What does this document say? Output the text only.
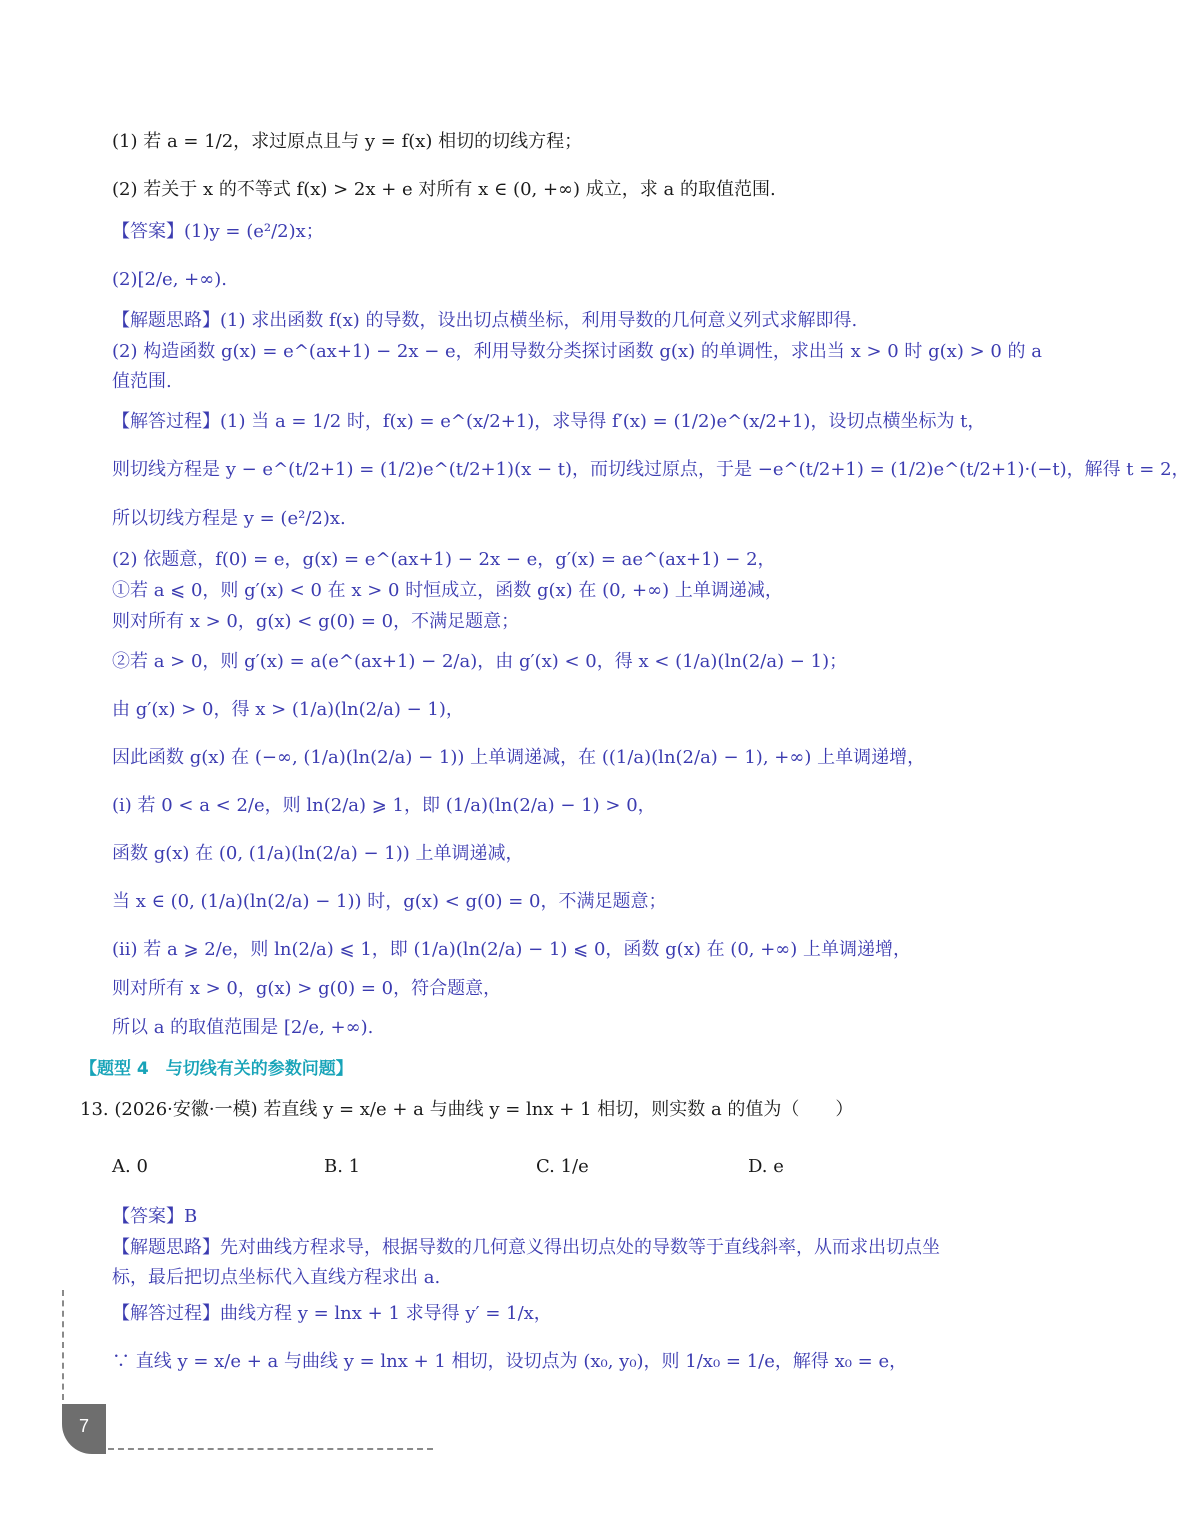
(1) 若 a = 1/2，求过原点且与 y = f(x) 相切的切线方程；
(2) 若关于 x 的不等式 f(x) > 2x + e 对所有 x ∈ (0, +∞) 成立，求 a 的取值范围.
【答案】(1)y = (e²/2)x；
(2)[2/e, +∞).
【解题思路】(1) 求出函数 f(x) 的导数，设出切点横坐标，利用导数的几何意义列式求解即得.
(2) 构造函数 g(x) = e^(ax+1) − 2x − e，利用导数分类探讨函数 g(x) 的单调性，求出当 x > 0 时 g(x) > 0 的 a
值范围.
【解答过程】(1) 当 a = 1/2 时，f(x) = e^(x/2+1)，求导得 f′(x) = (1/2)e^(x/2+1)，设切点横坐标为 t，
则切线方程是 y − e^(t/2+1) = (1/2)e^(t/2+1)(x − t)，而切线过原点，于是 −e^(t/2+1) = (1/2)e^(t/2+1)·(−t)，解得 t = 2，
所以切线方程是 y = (e²/2)x.
(2) 依题意，f(0) = e，g(x) = e^(ax+1) − 2x − e，g′(x) = ae^(ax+1) − 2，
①若 a ⩽ 0，则 g′(x) < 0 在 x > 0 时恒成立，函数 g(x) 在 (0, +∞) 上单调递减，
则对所有 x > 0，g(x) < g(0) = 0，不满足题意；
②若 a > 0，则 g′(x) = a(e^(ax+1) − 2/a)，由 g′(x) < 0，得 x < (1/a)(ln(2/a) − 1)；
由 g′(x) > 0，得 x > (1/a)(ln(2/a) − 1)，
因此函数 g(x) 在 (−∞, (1/a)(ln(2/a) − 1)) 上单调递减，在 ((1/a)(ln(2/a) − 1), +∞) 上单调递增，
(ⅰ) 若 0 < a < 2/e，则 ln(2/a) ⩾ 1，即 (1/a)(ln(2/a) − 1) > 0，
函数 g(x) 在 (0, (1/a)(ln(2/a) − 1)) 上单调递减，
当 x ∈ (0, (1/a)(ln(2/a) − 1)) 时，g(x) < g(0) = 0，不满足题意；
(ⅱ) 若 a ⩾ 2/e，则 ln(2/a) ⩽ 1，即 (1/a)(ln(2/a) − 1) ⩽ 0，函数 g(x) 在 (0, +∞) 上单调递增，
则对所有 x > 0，g(x) > g(0) = 0，符合题意，
所以 a 的取值范围是 [2/e, +∞).
【题型 4　与切线有关的参数问题】
13. (2026·安徽·一模) 若直线 y = x/e + a 与曲线 y = lnx + 1 相切，则实数 a 的值为（　　）
A. 0	B. 1	C. 1/e	D. e
【答案】B
【解题思路】先对曲线方程求导，根据导数的几何意义得出切点处的导数等于直线斜率，从而求出切点坐
标，最后把切点坐标代入直线方程求出 a.
【解答过程】曲线方程 y = lnx + 1 求导得 y′ = 1/x，
∵ 直线 y = x/e + a 与曲线 y = lnx + 1 相切，设切点为 (x₀, y₀)，则 1/x₀ = 1/e，解得 x₀ = e，
7
